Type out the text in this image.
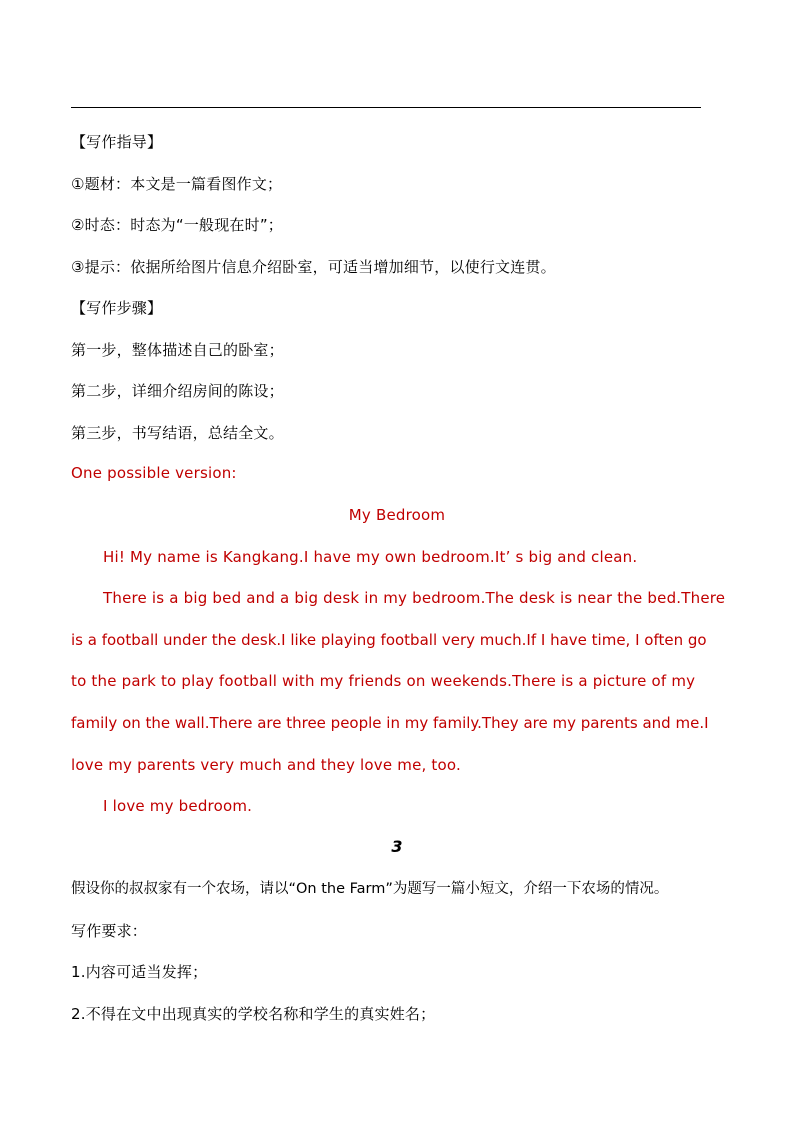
【写作指导】
①题材：本文是一篇看图作文；
②时态：时态为“一般现在时”；
③提示：依据所给图片信息介绍卧室，可适当增加细节，以使行文连贯。
【写作步骤】
第一步，整体描述自己的卧室；
第二步，详细介绍房间的陈设；
第三步，书写结语，总结全文。
One possible version:
My Bedroom
Hi! My name is Kangkang.I have my own bedroom.It’ s big and clean.
There is a big bed and a big desk in my bedroom.The desk is near the bed.There
is a football under the desk.I like playing football very much.If I have time, I often go
to the park to play football with my friends on weekends.There is a picture of my
family on the wall.There are three people in my family.They are my parents and me.I
love my parents very much and they love me, too.
I love my bedroom.
3
假设你的叔叔家有一个农场，请以“On the Farm”为题写一篇小短文，介绍一下农场的情况。
写作要求：
1.内容可适当发挥；
2.不得在文中出现真实的学校名称和学生的真实姓名；
